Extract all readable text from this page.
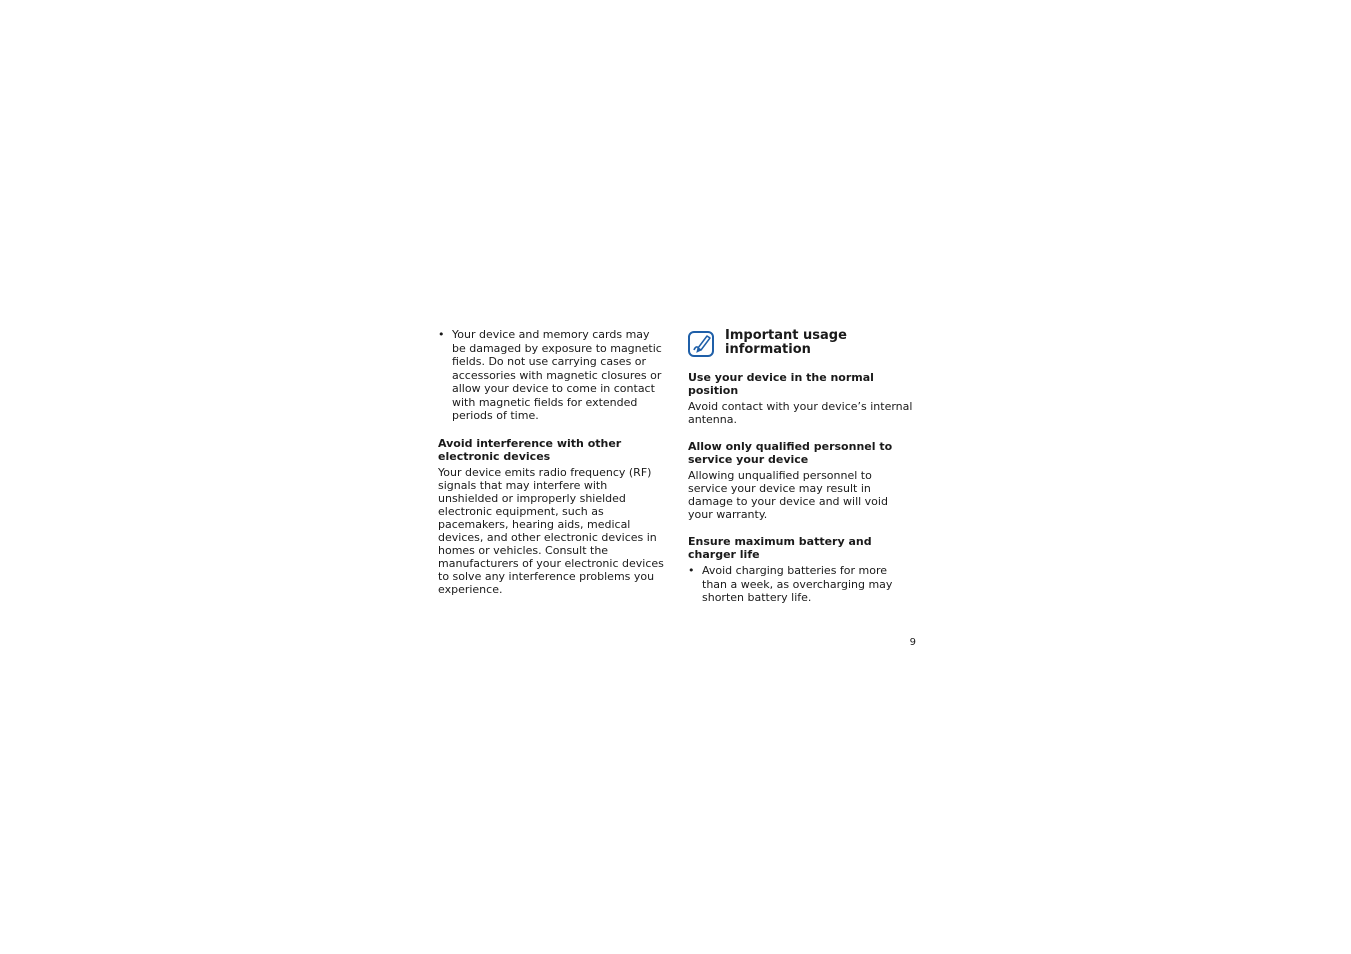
• Your device and memory cards may be damaged by exposure to magnetic fields. Do not use carrying cases or accessories with magnetic closures or allow your device to come in contact with magnetic fields for extended periods of time.
Avoid interference with other electronic devices
Your device emits radio frequency (RF) signals that may interfere with unshielded or improperly shielded electronic equipment, such as pacemakers, hearing aids, medical devices, and other electronic devices in homes or vehicles. Consult the manufacturers of your electronic devices to solve any interference problems you experience.
Important usage information
Use your device in the normal position
Avoid contact with your device’s internal antenna.
Allow only qualified personnel to service your device
Allowing unqualified personnel to service your device may result in damage to your device and will void your warranty.
Ensure maximum battery and charger life
• Avoid charging batteries for more than a week, as overcharging may shorten battery life.
9
